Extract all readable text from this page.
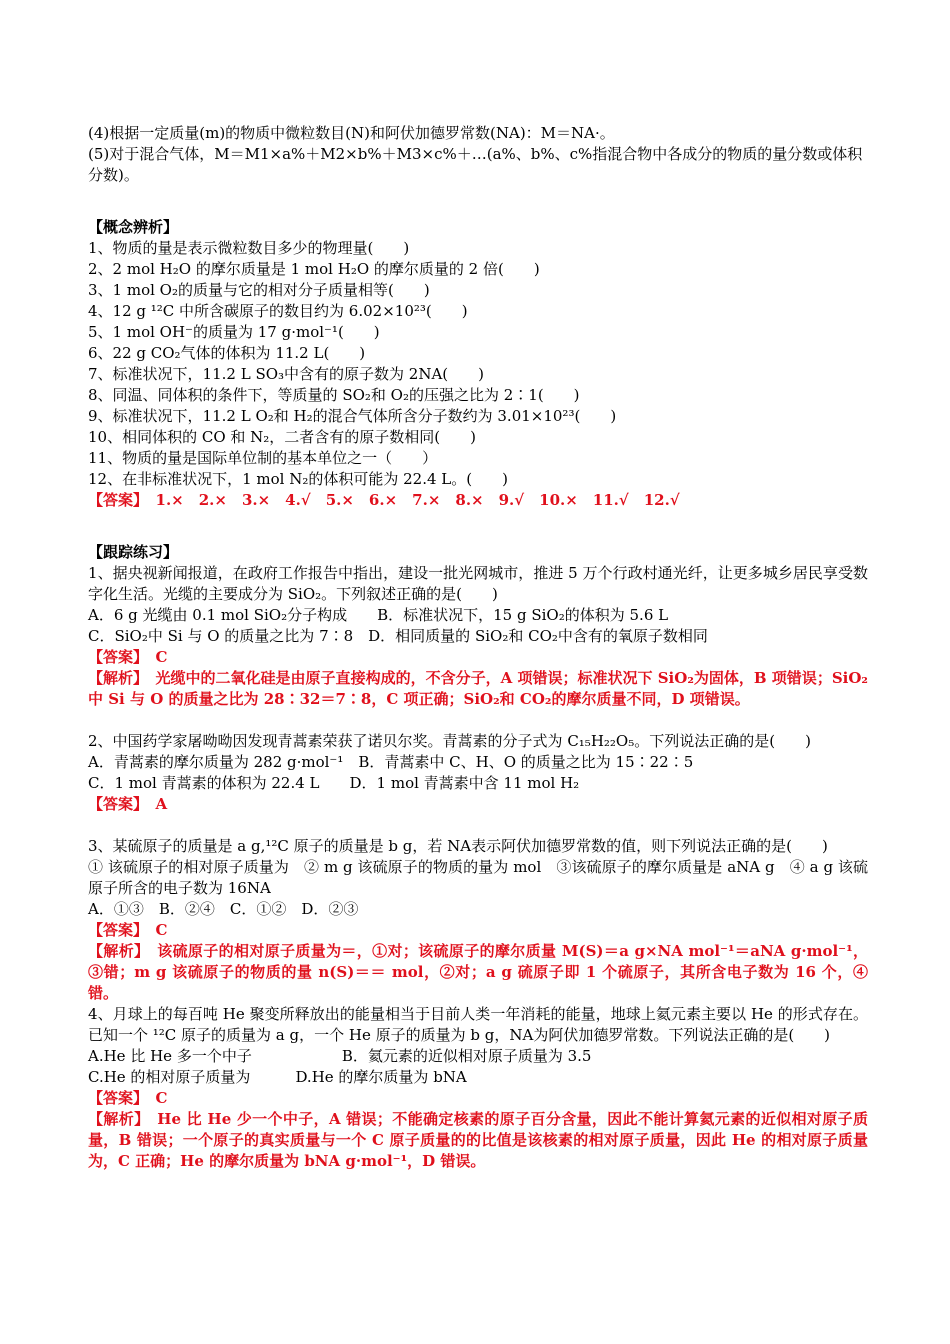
(4)根据一定质量(m)的物质中微粒数目(N)和阿伏加德罗常数(NA)：M＝NA·。

(5)对于混合气体，M＝M1×a%＋M2×b%＋M3×c%＋…(a%、b%、c%指混合物中各成分的物质的量分数或体积分数)。

【概念辨析】

1、物质的量是表示微粒数目多少的物理量(　　)

2、2 mol H₂O 的摩尔质量是 1 mol H₂O 的摩尔质量的 2 倍(　　)

3、1 mol O₂的质量与它的相对分子质量相等(　　)

4、12 g ¹²C 中所含碳原子的数目约为 6.02×10²³(　　)

5、1 mol OH⁻的质量为 17 g·mol⁻¹(　　)

6、22 g CO₂气体的体积为 11.2 L(　　)

7、标准状况下，11.2 L SO₃中含有的原子数为 2NA(　　)

8、同温、同体积的条件下，等质量的 SO₂和 O₂的压强之比为 2∶1(　　)

9、标准状况下，11.2 L O₂和 H₂的混合气体所含分子数约为 3.01×10²³(　　)

10、相同体积的 CO 和 N₂，二者含有的原子数相同(　　)

11、物质的量是国际单位制的基本单位之一（　　）

12、在非标准状况下，1 mol N₂的体积可能为 22.4 L。(　　)

【答案】　1.×　2.×　3.×　4.√　5.×　6.×　7.×　8.×　9.√　10.×　11.√　12.√

【跟踪练习】

1、据央视新闻报道，在政府工作报告中指出，建设一批光网城市，推进 5 万个行政村通光纤，让更多城乡居民享受数字化生活。光缆的主要成分为 SiO₂。下列叙述正确的是(　　)

A．6 g 光缆由 0.1 mol SiO₂分子构成　　B．标准状况下，15 g SiO₂的体积为 5.6 L

C．SiO₂中 Si 与 O 的质量之比为 7∶8　D．相同质量的 SiO₂和 CO₂中含有的氧原子数相同

【答案】　C

【解析】　光缆中的二氧化硅是由原子直接构成的，不含分子，A 项错误；标准状况下 SiO₂为固体，B 项错误；SiO₂中 Si 与 O 的质量之比为 28∶32＝7∶8，C 项正确；SiO₂和 CO₂的摩尔质量不同，D 项错误。

2、中国药学家屠呦呦因发现青蒿素荣获了诺贝尔奖。青蒿素的分子式为 C₁₅H₂₂O₅。下列说法正确的是(　　)

A．青蒿素的摩尔质量为 282 g·mol⁻¹　B．青蒿素中 C、H、O 的质量之比为 15∶22∶5

C．1 mol 青蒿素的体积为 22.4 L　　D．1 mol 青蒿素中含 11 mol H₂

【答案】　A

3、某硫原子的质量是 a g,¹²C 原子的质量是 b g，若 NA表示阿伏加德罗常数的值，则下列说法正确的是(　　)

① 该硫原子的相对原子质量为　② m g 该硫原子的物质的量为 mol　③该硫原子的摩尔质量是 aNA g　④ a g 该硫原子所含的电子数为 16NA

A．①③　B．②④　C．①②　D．②③

【答案】　C

【解析】　该硫原子的相对原子质量为＝，①对；该硫原子的摩尔质量 M(S)＝a g×NA mol⁻¹＝aNA g·mol⁻¹，③错；m g 该硫原子的物质的量 n(S)＝＝ mol，②对；a g 硫原子即 1 个硫原子，其所含电子数为 16 个，④错。

4、月球上的每百吨 He 聚变所释放出的能量相当于目前人类一年消耗的能量，地球上氦元素主要以 He 的形式存在。已知一个 ¹²C 原子的质量为 a g，一个 He 原子的质量为 b g，NA为阿伏加德罗常数。下列说法正确的是(　　)

A.He 比 He 多一个中子　　　　　　B．氦元素的近似相对原子质量为 3.5

C.He 的相对原子质量为　　　D.He 的摩尔质量为 bNA

【答案】　C

【解析】　He 比 He 少一个中子，A 错误；不能确定核素的原子百分含量，因此不能计算氦元素的近似相对原子质量，B 错误；一个原子的真实质量与一个 C 原子质量的的比值是该核素的相对原子质量，因此 He 的相对原子质量为，C 正确；He 的摩尔质量为 bNA g·mol⁻¹，D 错误。
